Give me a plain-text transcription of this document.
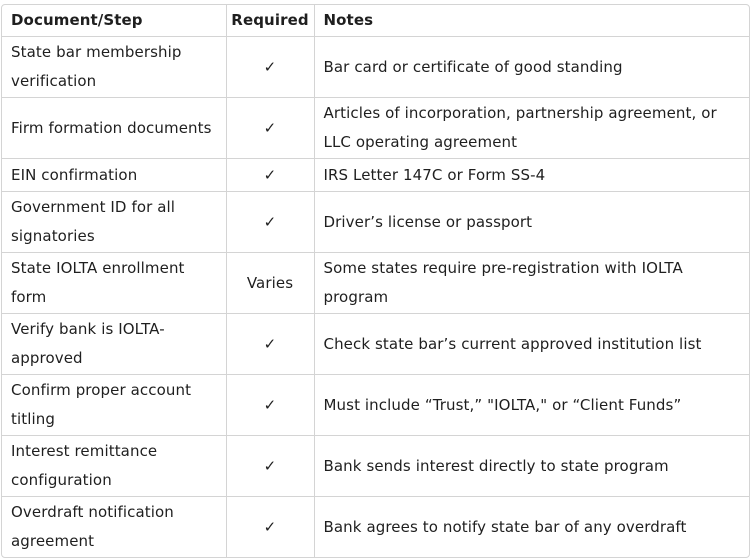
Document/Step	Required	Notes
State bar membership verification	✓	Bar card or certificate of good standing
Firm formation documents	✓	Articles of incorporation, partnership agreement, or LLC operating agreement
EIN confirmation	✓	IRS Letter 147C or Form SS-4
Government ID for all signatories	✓	Driver’s license or passport
State IOLTA enrollment form	Varies	Some states require pre-registration with IOLTA program
Verify bank is IOLTA-approved	✓	Check state bar’s current approved institution list
Confirm proper account titling	✓	Must include “Trust,” "IOLTA," or “Client Funds”
Interest remittance configuration	✓	Bank sends interest directly to state program
Overdraft notification agreement	✓	Bank agrees to notify state bar of any overdraft
